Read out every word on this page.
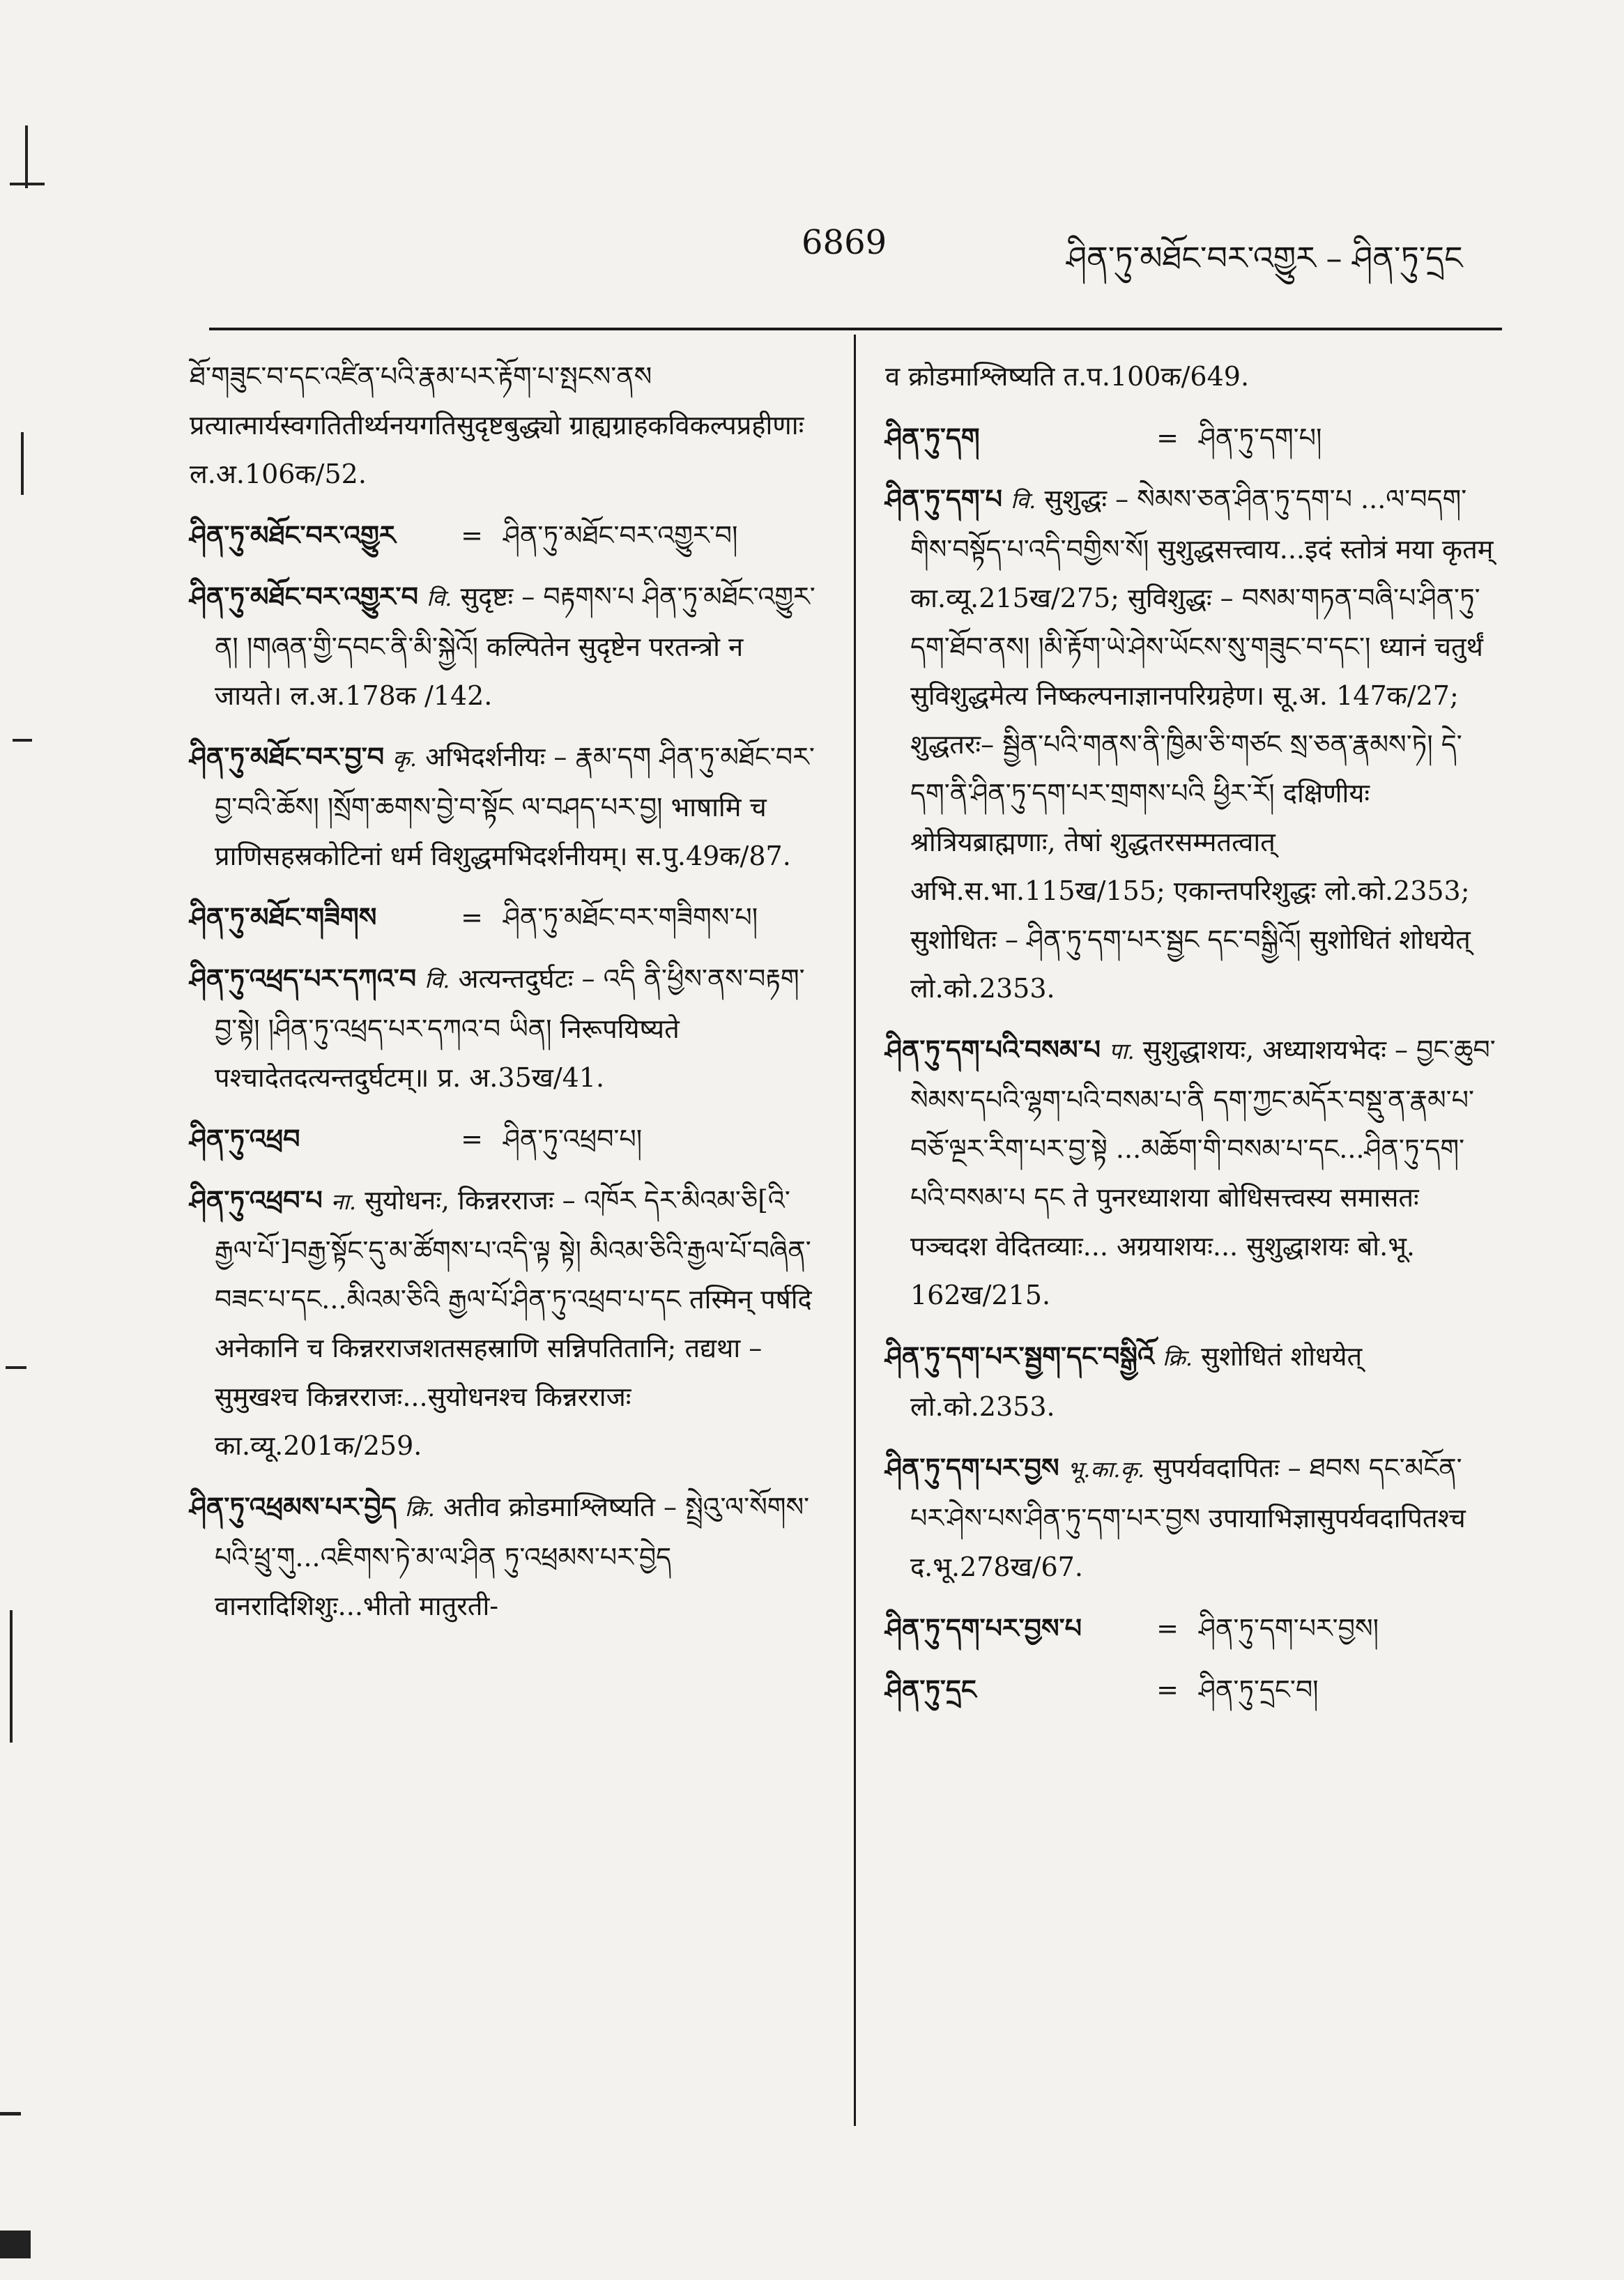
6869	ཤིན་ཏུ་མཐོང་བར་འགྱུར – ཤིན་ཏུ་དྲང

ཐོ་གཟུང་བ་དང་འཛིན་པའི་རྣམ་པར་རྟོག་པ་སྤངས་ནས प्रत्यात्मार्यस्वगतितीर्थ्यनयगतिसुदृष्टबुद्ध्यो ग्राह्यग्राहकविकल्पप्रहीणाः ल.अ.106क/52.

ཤིན་ཏུ་མཐོང་བར་འགྱུར	= ཤིན་ཏུ་མཐོང་བར་འགྱུར་བ།

ཤིན་ཏུ་མཐོང་བར་འགྱུར་བ वि. सुदृष्टः – བརྟགས་པ ཤིན་ཏུ་མཐོང་འགྱུར་ན། །གཞན་གྱི་དབང་ནི་མི་སྐྱེའོ། कल्पितेन सुदृष्टेन परतन्त्रो न जायते। ल.अ.178क /142.

ཤིན་ཏུ་མཐོང་བར་བྱ་བ कृ. अभिदर्शनीयः – རྣམ་དག ཤིན་ཏུ་མཐོང་བར་བྱ་བའི་ཆོས། །སྲོག་ཆགས་བྱེ་བ་སྟོང ལ་བཤད་པར་བྱ། भाषामि च प्राणिसहस्रकोटिनां धर्म विशुद्धमभिदर्शनीयम्। स.पु.49क/87.

ཤིན་ཏུ་མཐོང་གཟིགས	= ཤིན་ཏུ་མཐོང་བར་གཟིགས་པ།

ཤིན་ཏུ་འཕྲད་པར་དཀའ་བ वि. अत्यन्तदुर्घटः – འདི ནི་ཕྱིས་ནས་བརྟག་བྱ་སྟེ། །ཤིན་ཏུ་འཕྲད་པར་དཀའ་བ ཡིན། निरूपयिष्यते पश्चादेतदत्यन्तदुर्घटम्॥ प्र. अ.35ख/41.

ཤིན་ཏུ་འཕྲབ	= ཤིན་ཏུ་འཕྲབ་པ།

ཤིན་ཏུ་འཕྲབ་པ ना. सुयोधनः, किन्नरराजः – འཁོར དེར་མིའམ་ཅི[འི་རྒྱལ་པོ་]བརྒྱ་སྟོང་དུ་མ་ཚོགས་པ་འདི་ལྟ སྟེ། མིའམ་ཅིའི་རྒྱལ་པོ་བཞིན་བཟང་པ་དང...མིའམ་ཅིའི རྒྱལ་པོ་ཤིན་ཏུ་འཕྲབ་པ་དང तस्मिन् पर्षदि अनेकानि च किन्नरराजशतसहस्राणि सन्निपतितानि; तद्यथा – सुमुखश्च किन्नरराजः...सुयोधनश्च किन्नरराजः का.व्यू.201क/259.

ཤིན་ཏུ་འཕྲམས་པར་བྱེད क्रि. अतीव क्रोडमाश्लिष्यति – སྤྲེའུ་ལ་སོགས་པའི་ཕྲུ་གུ...འཇིགས་ཏེ་མ་ལ་ཤིན ཏུ་འཕྲམས་པར་བྱེད वानरादिशिशुः...भीतो मातुरती-

व क्रोडमाश्लिष्यति त.प.100क/649.

ཤིན་ཏུ་དག	= ཤིན་ཏུ་དག་པ།

ཤིན་ཏུ་དག་པ वि. सुशुद्धः – སེམས་ཅན་ཤིན་ཏུ་དག་པ ...ལ་བདག་གིས་བསྟོད་པ་འདི་བགྱིས་སོ། सुशुद्धसत्त्वाय...इदं स्तोत्रं मया कृतम् का.व्यू.215ख/275; सुविशुद्धः – བསམ་གཏན་བཞི་པ་ཤིན་ཏུ་དག་ཐོབ་ནས། །མི་རྟོག་ཡེ་ཤེས་ཡོངས་སུ་གཟུང་བ་དང་། ध्यानं चतुर्थं सुविशुद्धमेत्य निष्कल्पनाज्ञानपरिग्रहेण। सू.अ. 147क/27; शुद्धतरः– སྦྱིན་པའི་གནས་ནི་ཁྱིམ་ཅི་གཙང སྲ་ཅན་རྣམས་ཏེ། དེ་དག་ནི་ཤིན་ཏུ་དག་པར་གྲགས་པའི ཕྱིར་རོ། दक्षिणीयः श्रोत्रियब्राह्मणाः, तेषां शुद्धतरसम्मतत्वात् अभि.स.भा.115ख/155; एकान्तपरिशुद्धः लो.को.2353; सुशोधितः – ཤིན་ཏུ་དག་པར་སྦྱང དང་བསྒྱིའོ། सुशोधितं शोधयेत् लो.को.2353.

ཤིན་ཏུ་དག་པའི་བསམ་པ पा. सुशुद्धाशयः, अध्याशयभेदः – བྱང་ཆུབ་སེམས་དཔའི་ལྷག་པའི་བསམ་པ་ནི དག་ཀྱང་མདོར་བསྡུ་ན་རྣམ་པ་བཅོ་ལྔར་རིག་པར་བྱ་སྟེ ...མཆོག་གི་བསམ་པ་དང...ཤིན་ཏུ་དག་པའི་བསམ་པ དང ते पुनरध्याशया बोधिसत्त्वस्य समासतः पञ्चदश वेदितव्याः... अग्रयाशयः... सुशुद्धाशयः बो.भू. 162ख/215.

ཤིན་ཏུ་དག་པར་སྦྱག་དང་བསྒྱིའོ क्रि. सुशोधितं शोधयेत् लो.को.2353.

ཤིན་ཏུ་དག་པར་བྱས भू.का.कृ. सुपर्यवदापितः – ཐབས དང་མངོན་པར་ཤེས་པས་ཤིན་ཏུ་དག་པར་བྱས उपायाभिज्ञासुपर्यवदापितश्च द.भू.278ख/67.

ཤིན་ཏུ་དག་པར་བྱས་པ	= ཤིན་ཏུ་དག་པར་བྱས།
ཤིན་ཏུ་དྲང	= ཤིན་ཏུ་དྲང་བ།
